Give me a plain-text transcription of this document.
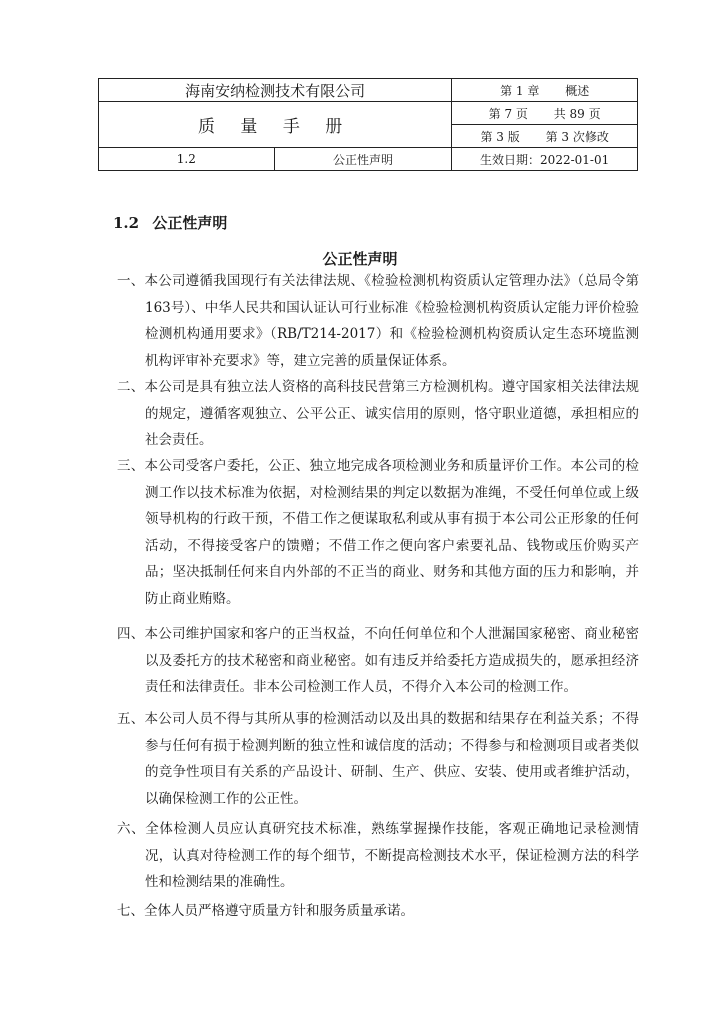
海南安纳检测技术有限公司		第 1 章 概述
质 量 手 册		第 7 页 共 89 页
		第 3 版 第 3 次修改
1.2	公正性声明	生效日期：2022-01-01
1.2 公正性声明
公正性声明
一、本公司遵循我国现行有关法律法规、《检验检测机构资质认定管理办法》（总局令第163号）、中华人民共和国认证认可行业标准《检验检测机构资质认定能力评价检验检测机构通用要求》（RB/T214-2017）和《检验检测机构资质认定生态环境监测机构评审补充要求》等，建立完善的质量保证体系。
二、本公司是具有独立法人资格的高科技民营第三方检测机构。遵守国家相关法律法规的规定，遵循客观独立、公平公正、诚实信用的原则，恪守职业道德，承担相应的社会责任。
三、本公司受客户委托，公正、独立地完成各项检测业务和质量评价工作。本公司的检测工作以技术标准为依据，对检测结果的判定以数据为准绳，不受任何单位或上级领导机构的行政干预，不借工作之便谋取私利或从事有损于本公司公正形象的任何活动，不得接受客户的馈赠；不借工作之便向客户索要礼品、钱物或压价购买产品；坚决抵制任何来自内外部的不正当的商业、财务和其他方面的压力和影响，并防止商业贿赂。
四、本公司维护国家和客户的正当权益，不向任何单位和个人泄漏国家秘密、商业秘密以及委托方的技术秘密和商业秘密。如有违反并给委托方造成损失的，愿承担经济责任和法律责任。非本公司检测工作人员，不得介入本公司的检测工作。
五、本公司人员不得与其所从事的检测活动以及出具的数据和结果存在利益关系；不得参与任何有损于检测判断的独立性和诚信度的活动；不得参与和检测项目或者类似的竞争性项目有关系的产品设计、研制、生产、供应、安装、使用或者维护活动，以确保检测工作的公正性。
六、全体检测人员应认真研究技术标准，熟练掌握操作技能，客观正确地记录检测情况，认真对待检测工作的每个细节，不断提高检测技术水平，保证检测方法的科学性和检测结果的准确性。
七、全体人员严格遵守质量方针和服务质量承诺。
